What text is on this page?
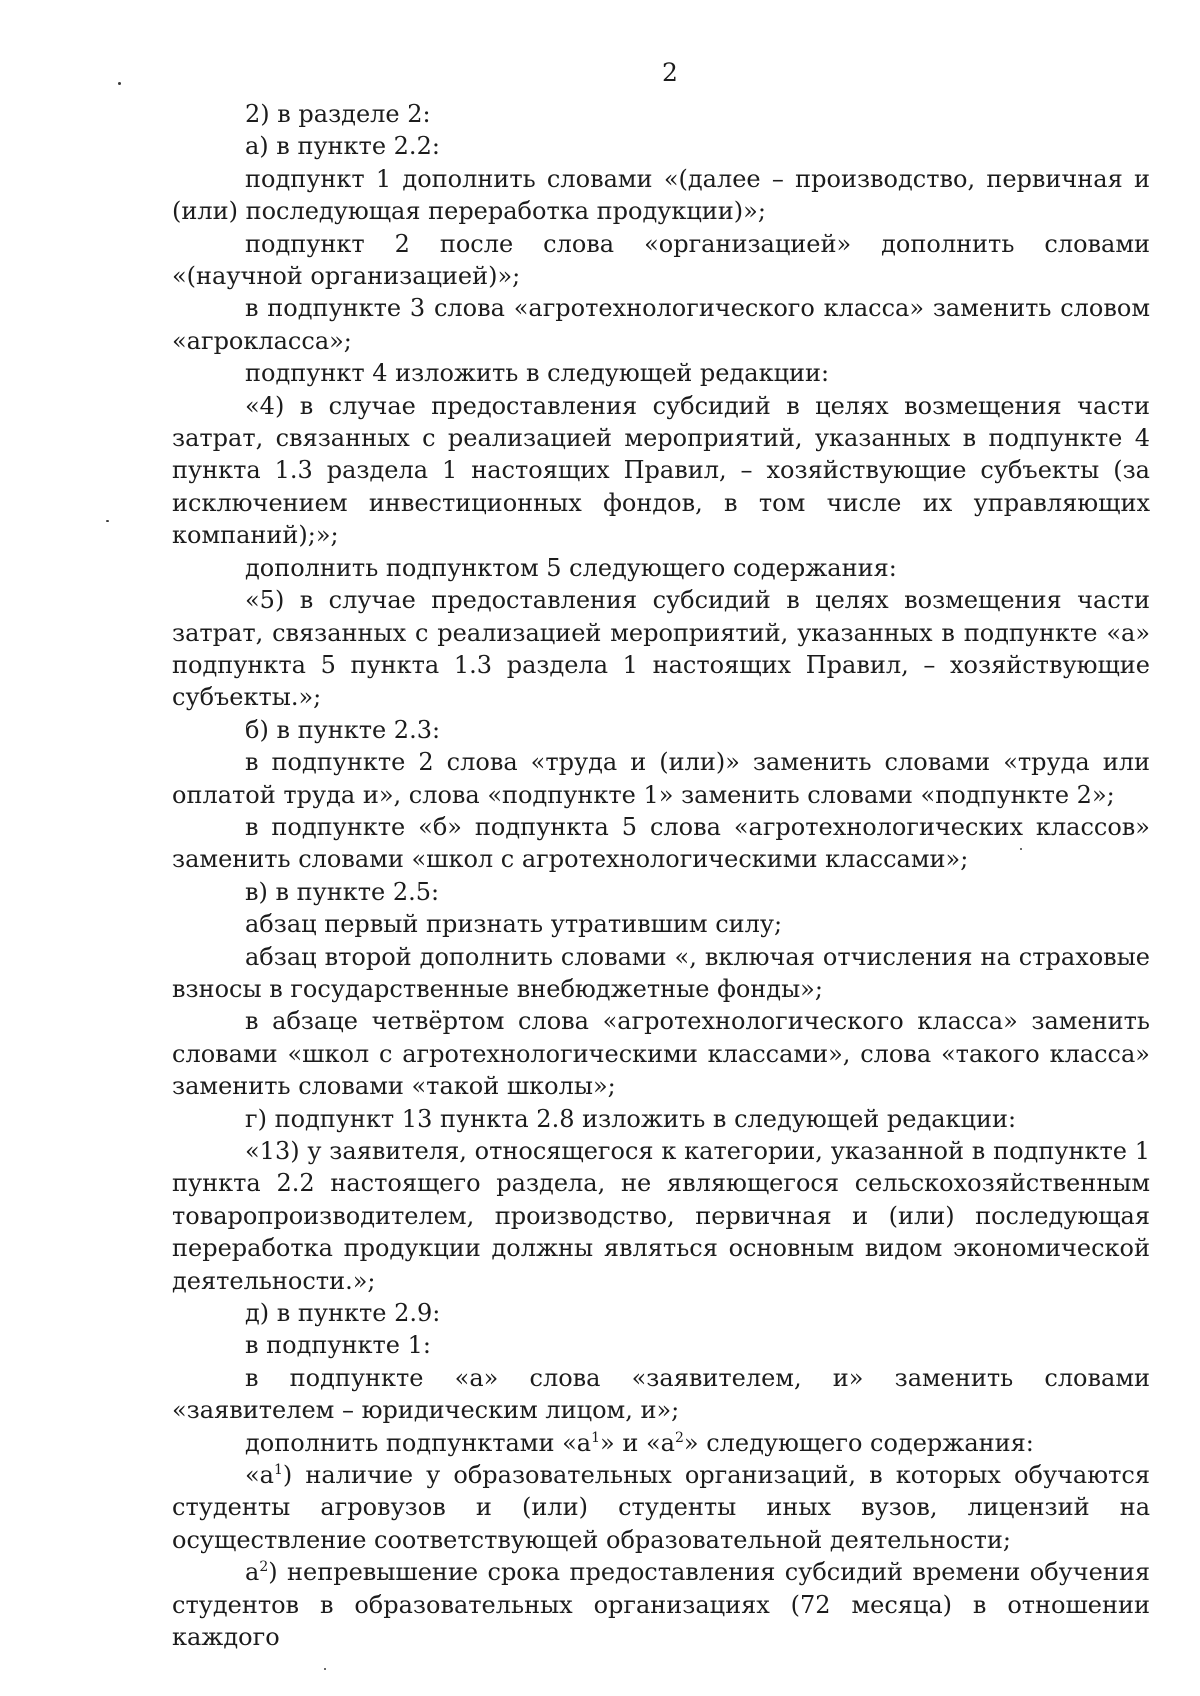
2

2) в разделе 2:

а) в пункте 2.2:

подпункт 1 дополнить словами «(далее – производство, первичная и (или) последующая переработка продукции)»;

подпункт 2 после слова «организацией» дополнить словами «(научной организацией)»;

в подпункте 3 слова «агротехнологического класса» заменить словом «агрокласса»;

подпункт 4 изложить в следующей редакции:

«4) в случае предоставления субсидий в целях возмещения части затрат, связанных с реализацией мероприятий, указанных в подпункте 4 пункта 1.3 раздела 1 настоящих Правил, – хозяйствующие субъекты (за исключением инвестиционных фондов, в том числе их управляющих компаний);»;

дополнить подпунктом 5 следующего содержания:

«5) в случае предоставления субсидий в целях возмещения части затрат, связанных с реализацией мероприятий, указанных в подпункте «а» подпункта 5 пункта 1.3 раздела 1 настоящих Правил, – хозяйствующие субъекты.»;

б) в пункте 2.3:

в подпункте 2 слова «труда и (или)» заменить словами «труда или оплатой труда и», слова «подпункте 1» заменить словами «подпункте 2»;

в подпункте «б» подпункта 5 слова «агротехнологических классов» заменить словами «школ с агротехнологическими классами»;

в) в пункте 2.5:

абзац первый признать утратившим силу;

абзац второй дополнить словами «, включая отчисления на страховые взносы в государственные внебюджетные фонды»;

в абзаце четвёртом слова «агротехнологического класса» заменить словами «школ с агротехнологическими классами», слова «такого класса» заменить словами «такой школы»;

г) подпункт 13 пункта 2.8 изложить в следующей редакции:

«13) у заявителя, относящегося к категории, указанной в подпункте 1 пункта 2.2 настоящего раздела, не являющегося сельскохозяйственным товаропроизводителем, производство, первичная и (или) последующая переработка продукции должны являться основным видом экономической деятельности.»;

д) в пункте 2.9:

в подпункте 1:

в подпункте «а» слова «заявителем, и» заменить словами «заявителем – юридическим лицом, и»;

дополнить подпунктами «$а^1$» и «$а^2$» следующего содержания:

«$а^1$) наличие у образовательных организаций, в которых обучаются студенты агровузов и (или) студенты иных вузов, лицензий на осуществление соответствующей образовательной деятельности;

$а^2$) непревышение срока предоставления субсидий времени обучения студентов в образовательных организациях (72 месяца) в отношении каждого
